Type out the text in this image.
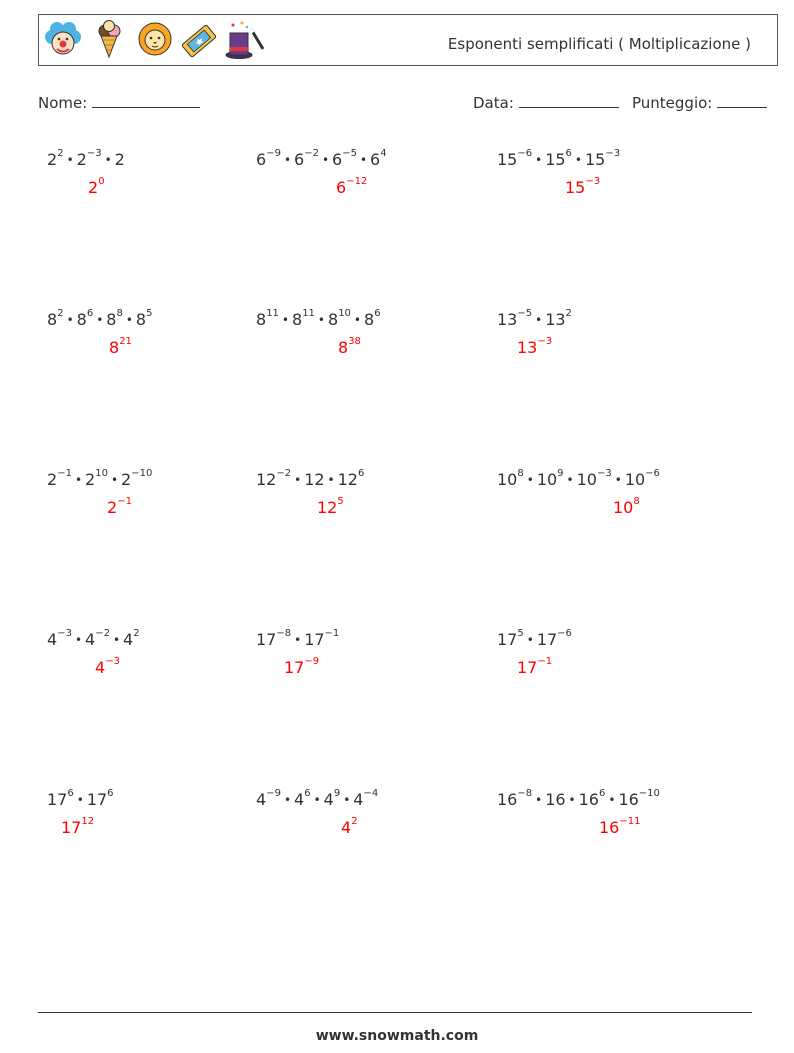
Esponenti semplificati ( Moltiplicazione )
Nome:	Data:	Punteggio:
$2^2$ • $2^{-3}$ • 2
$2^0$
$6^{-9}$ • $6^{-2}$ • $6^{-5}$ • $6^4$
$6^{-12}$
$15^{-6}$ • $15^6$ • $15^{-3}$
$15^{-3}$
$8^2$ • $8^6$ • $8^8$ • $8^5$
$8^{21}$
$8^{11}$ • $8^{11}$ • $8^{10}$ • $8^6$
$8^{38}$
$13^{-5}$ • $13^2$
$13^{-3}$
$2^{-1}$ • $2^{10}$ • $2^{-10}$
$2^{-1}$
$12^{-2}$ • 12 • $12^6$
$12^5$
$10^8$ • $10^9$ • $10^{-3}$ • $10^{-6}$
$10^8$
$4^{-3}$ • $4^{-2}$ • $4^2$
$4^{-3}$
$17^{-8}$ • $17^{-1}$
$17^{-9}$
$17^5$ • $17^{-6}$
$17^{-1}$
$17^6$ • $17^6$
$17^{12}$
$4^{-9}$ • $4^6$ • $4^9$ • $4^{-4}$
$4^2$
$16^{-8}$ • 16 • $16^6$ • $16^{-10}$
$16^{-11}$
www.snowmath.com
